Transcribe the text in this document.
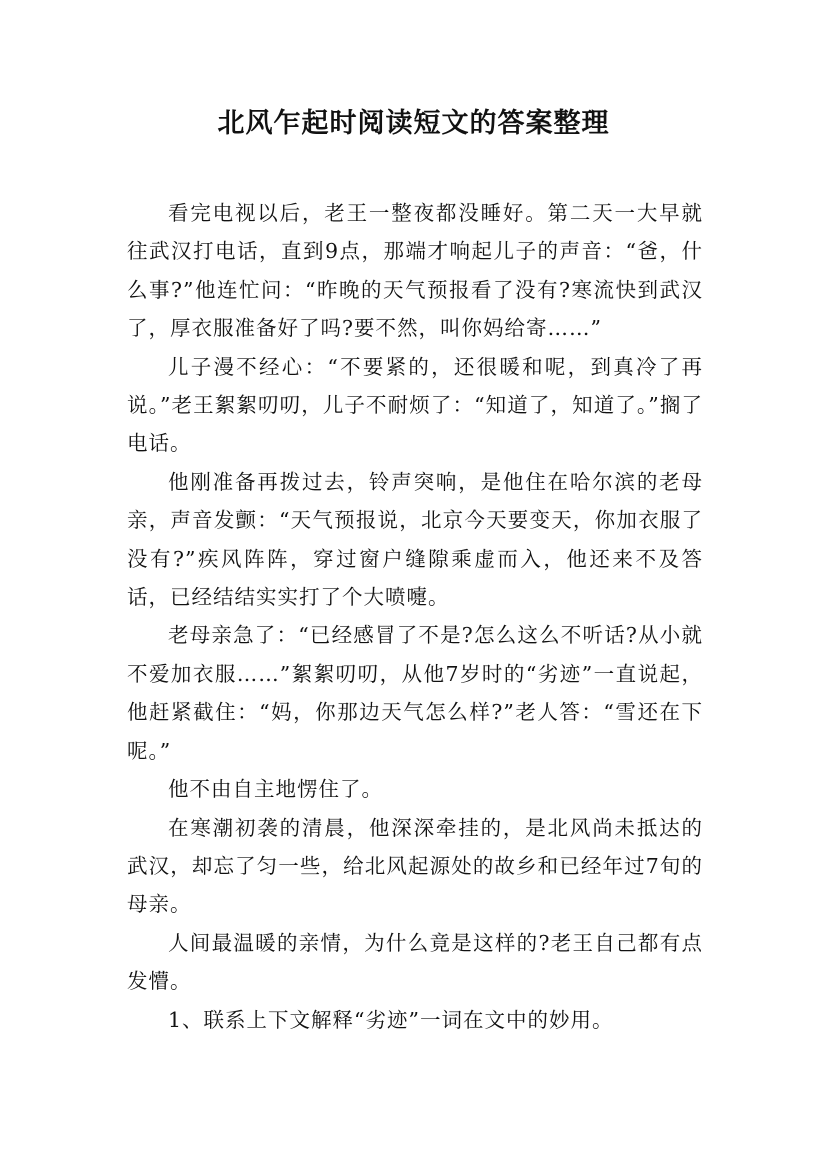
北风乍起时阅读短文的答案整理

看完电视以后，老王一整夜都没睡好。第二天一大早就往武汉打电话，直到9点，那端才响起儿子的声音：“爸，什么事?”他连忙问：“昨晚的天气预报看了没有?寒流快到武汉了，厚衣服准备好了吗?要不然，叫你妈给寄……”

儿子漫不经心：“不要紧的，还很暖和呢，到真冷了再说。”老王絮絮叨叨，儿子不耐烦了：“知道了，知道了。”搁了电话。

他刚准备再拨过去，铃声突响，是他住在哈尔滨的老母亲，声音发颤：“天气预报说，北京今天要变天，你加衣服了没有?”疾风阵阵，穿过窗户缝隙乘虚而入，他还来不及答话，已经结结实实打了个大喷嚏。

老母亲急了：“已经感冒了不是?怎么这么不听话?从小就不爱加衣服……”絮絮叨叨，从他7岁时的“劣迹”一直说起，他赶紧截住：“妈，你那边天气怎么样?”老人答：“雪还在下呢。”

他不由自主地愣住了。

在寒潮初袭的清晨，他深深牵挂的，是北风尚未抵达的武汉，却忘了匀一些，给北风起源处的故乡和已经年过7旬的母亲。

人间最温暖的亲情，为什么竟是这样的?老王自己都有点发懵。

1、联系上下文解释“劣迹”一词在文中的妙用。
